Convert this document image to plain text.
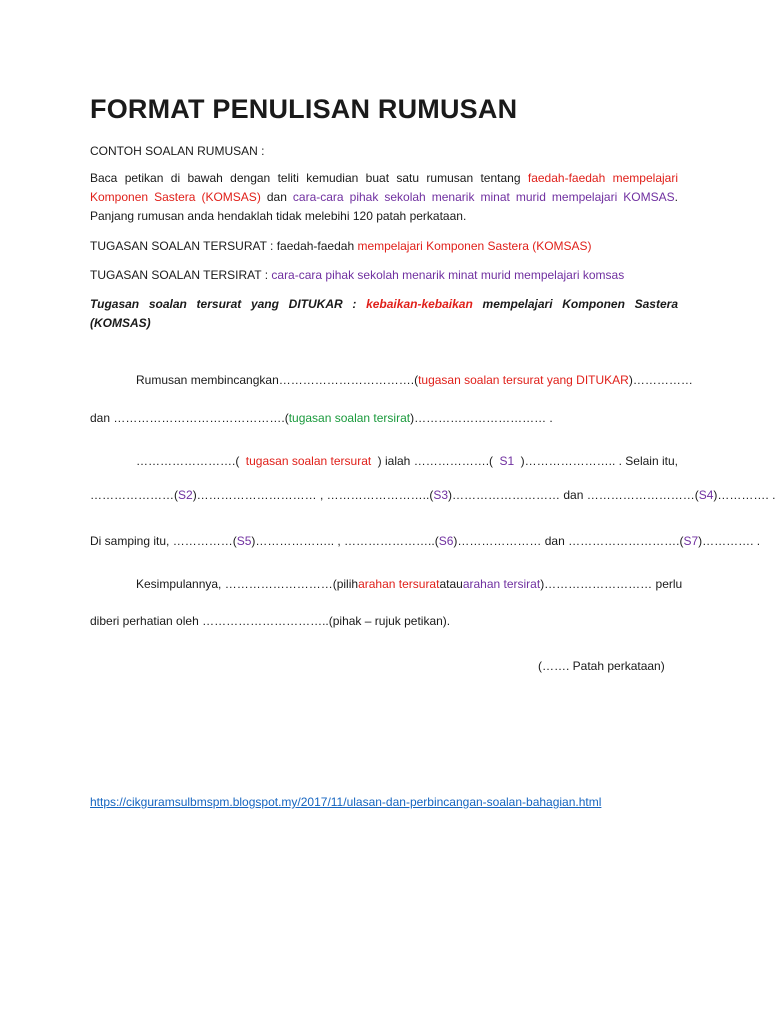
FORMAT PENULISAN RUMUSAN
CONTOH SOALAN RUMUSAN :
Baca petikan di bawah dengan teliti kemudian buat satu rumusan tentang faedah-faedah mempelajari
Komponen Sastera (KOMSAS) dan cara-cara pihak sekolah menarik minat murid mempelajari KOMSAS.
Panjang rumusan anda hendaklah tidak melebihi 120 patah perkataan.
TUGASAN SOALAN TERSURAT : faedah-faedah mempelajari Komponen Sastera (KOMSAS)
TUGASAN SOALAN TERSIRAT : cara-cara pihak sekolah menarik minat murid mempelajari komsas
Tugasan soalan tersurat yang DITUKAR : kebaikan-kebaikan mempelajari Komponen Sastera
(KOMSAS)
Rumusan membincangkan…………………………….( tugasan soalan tersurat yang DITUKAR )……………
dan …………………………………….(tugasan soalan tersirat)…………………………… .
…………………….( tugasan soalan tersurat ) ialah ……………….( S1 )………………….. . Selain itu,
…………………( S2 )………………………… , ……………………..( S3 )……………………… dan ………………………( S4 )…………. .
Di samping itu, ……………( S5 )……………….. , …………………..( S6 )………………… dan ……………………….( S7 )…………. .
Kesimpulannya, ………………………(pilih arahan tersurat atau arahan tersirat )……………………… perlu
diberi perhatian oleh …………………………..(pihak – rujuk petikan).
(……. Patah perkataan)
https://cikguramsulbmspm.blogspot.my/2017/11/ulasan-dan-perbincangan-soalan-bahagian.html
